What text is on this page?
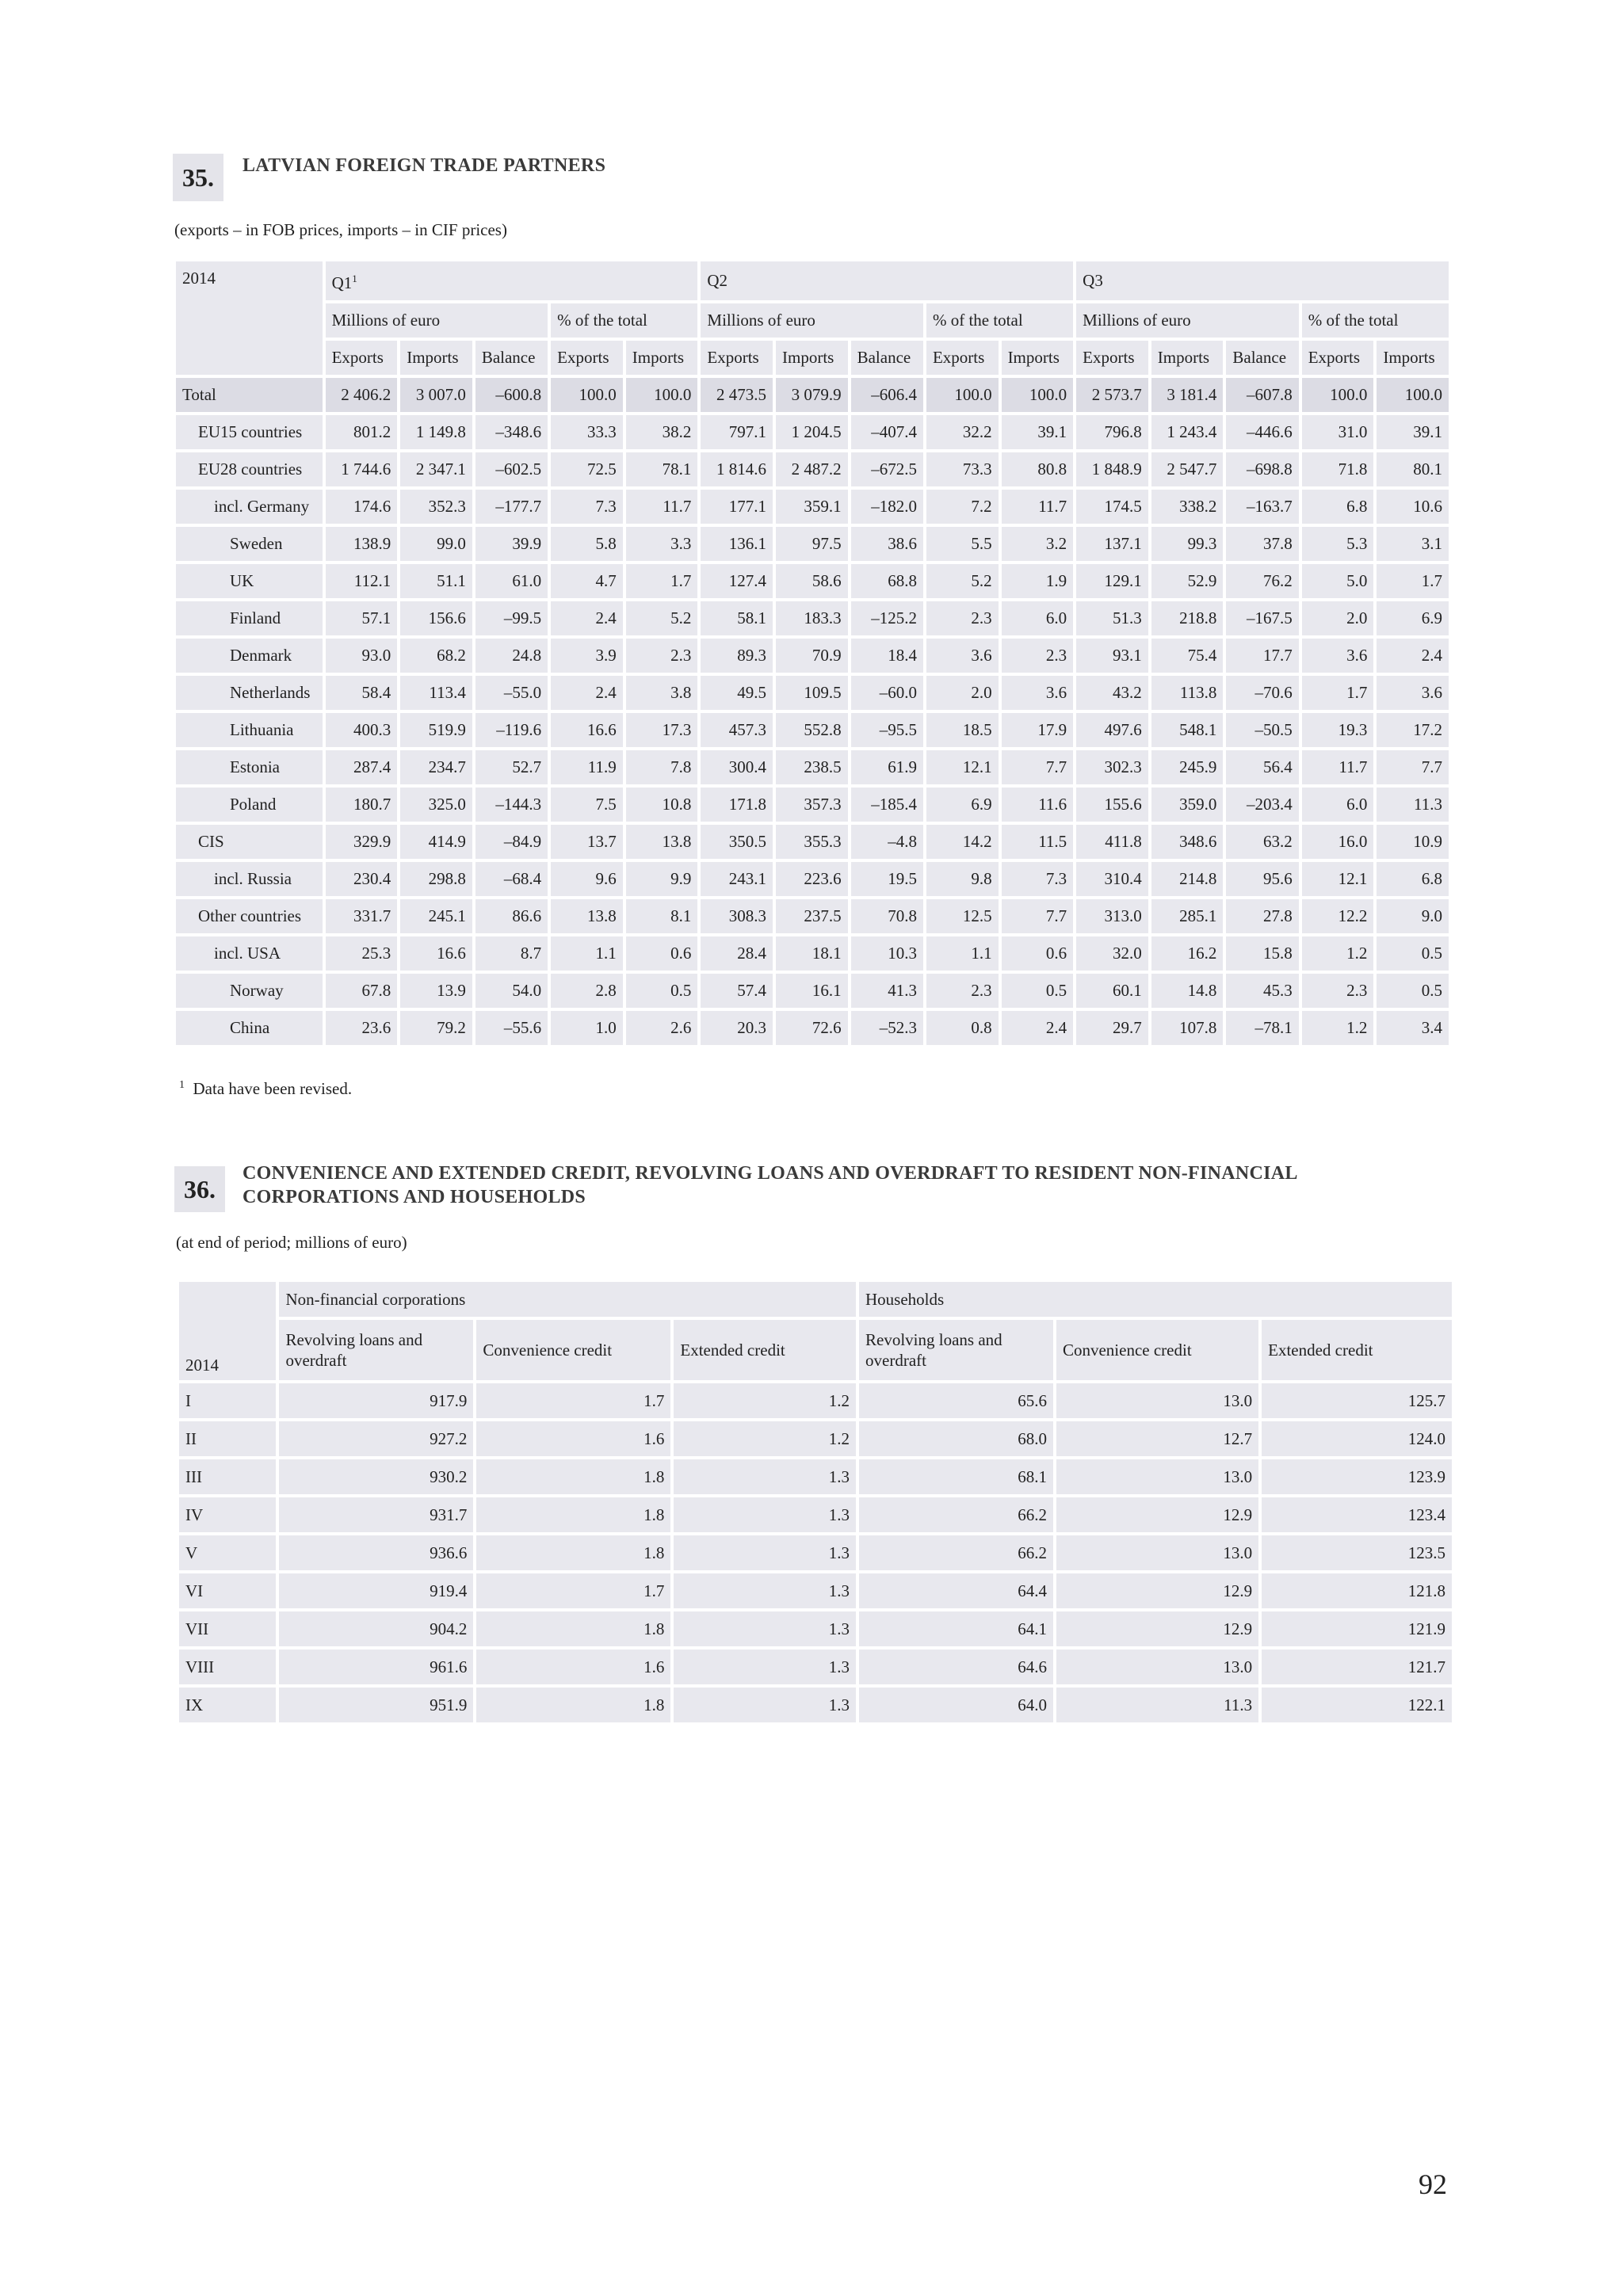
35.	LATVIAN FOREIGN TRADE PARTNERS
(exports – in FOB prices, imports – in CIF prices)
2014	$Q1^1$					Q2					Q3				
	Millions of euro			% of the total		Millions of euro			% of the total		Millions of euro			% of the total	
	Exports	Imports	Balance	Exports	Imports	Exports	Imports	Balance	Exports	Imports	Exports	Imports	Balance	Exports	Imports
Total	2 406.2	3 007.0	–600.8	100.0	100.0	2 473.5	3 079.9	–606.4	100.0	100.0	2 573.7	3 181.4	–607.8	100.0	100.0
EU15 countries	801.2	1 149.8	–348.6	33.3	38.2	797.1	1 204.5	–407.4	32.2	39.1	796.8	1 243.4	–446.6	31.0	39.1
EU28 countries	1 744.6	2 347.1	–602.5	72.5	78.1	1 814.6	2 487.2	–672.5	73.3	80.8	1 848.9	2 547.7	–698.8	71.8	80.1
incl. Germany	174.6	352.3	–177.7	7.3	11.7	177.1	359.1	–182.0	7.2	11.7	174.5	338.2	–163.7	6.8	10.6
Sweden	138.9	99.0	39.9	5.8	3.3	136.1	97.5	38.6	5.5	3.2	137.1	99.3	37.8	5.3	3.1
UK	112.1	51.1	61.0	4.7	1.7	127.4	58.6	68.8	5.2	1.9	129.1	52.9	76.2	5.0	1.7
Finland	57.1	156.6	–99.5	2.4	5.2	58.1	183.3	–125.2	2.3	6.0	51.3	218.8	–167.5	2.0	6.9
Denmark	93.0	68.2	24.8	3.9	2.3	89.3	70.9	18.4	3.6	2.3	93.1	75.4	17.7	3.6	2.4
Netherlands	58.4	113.4	–55.0	2.4	3.8	49.5	109.5	–60.0	2.0	3.6	43.2	113.8	–70.6	1.7	3.6
Lithuania	400.3	519.9	–119.6	16.6	17.3	457.3	552.8	–95.5	18.5	17.9	497.6	548.1	–50.5	19.3	17.2
Estonia	287.4	234.7	52.7	11.9	7.8	300.4	238.5	61.9	12.1	7.7	302.3	245.9	56.4	11.7	7.7
Poland	180.7	325.0	–144.3	7.5	10.8	171.8	357.3	–185.4	6.9	11.6	155.6	359.0	–203.4	6.0	11.3
CIS	329.9	414.9	–84.9	13.7	13.8	350.5	355.3	–4.8	14.2	11.5	411.8	348.6	63.2	16.0	10.9
incl. Russia	230.4	298.8	–68.4	9.6	9.9	243.1	223.6	19.5	9.8	7.3	310.4	214.8	95.6	12.1	6.8
Other countries	331.7	245.1	86.6	13.8	8.1	308.3	237.5	70.8	12.5	7.7	313.0	285.1	27.8	12.2	9.0
incl. USA	25.3	16.6	8.7	1.1	0.6	28.4	18.1	10.3	1.1	0.6	32.0	16.2	15.8	1.2	0.5
Norway	67.8	13.9	54.0	2.8	0.5	57.4	16.1	41.3	2.3	0.5	60.1	14.8	45.3	2.3	0.5
China	23.6	79.2	–55.6	1.0	2.6	20.3	72.6	–52.3	0.8	2.4	29.7	107.8	–78.1	1.2	3.4
$^1$ Data have been revised.
36.
CONVENIENCE AND EXTENDED CREDIT, REVOLVING LOANS AND OVERDRAFT TO RESIDENT NON-FINANCIAL
CORPORATIONS AND HOUSEHOLDS
(at end of period; millions of euro)
2014	Non-financial corporations			Households		
	Revolving loans and overdraft	Convenience credit	Extended credit	Revolving loans and overdraft	Convenience credit	Extended credit
I	917.9	1.7	1.2	65.6	13.0	125.7
II	927.2	1.6	1.2	68.0	12.7	124.0
III	930.2	1.8	1.3	68.1	13.0	123.9
IV	931.7	1.8	1.3	66.2	12.9	123.4
V	936.6	1.8	1.3	66.2	13.0	123.5
VI	919.4	1.7	1.3	64.4	12.9	121.8
VII	904.2	1.8	1.3	64.1	12.9	121.9
VIII	961.6	1.6	1.3	64.6	13.0	121.7
IX	951.9	1.8	1.3	64.0	11.3	122.1
92
